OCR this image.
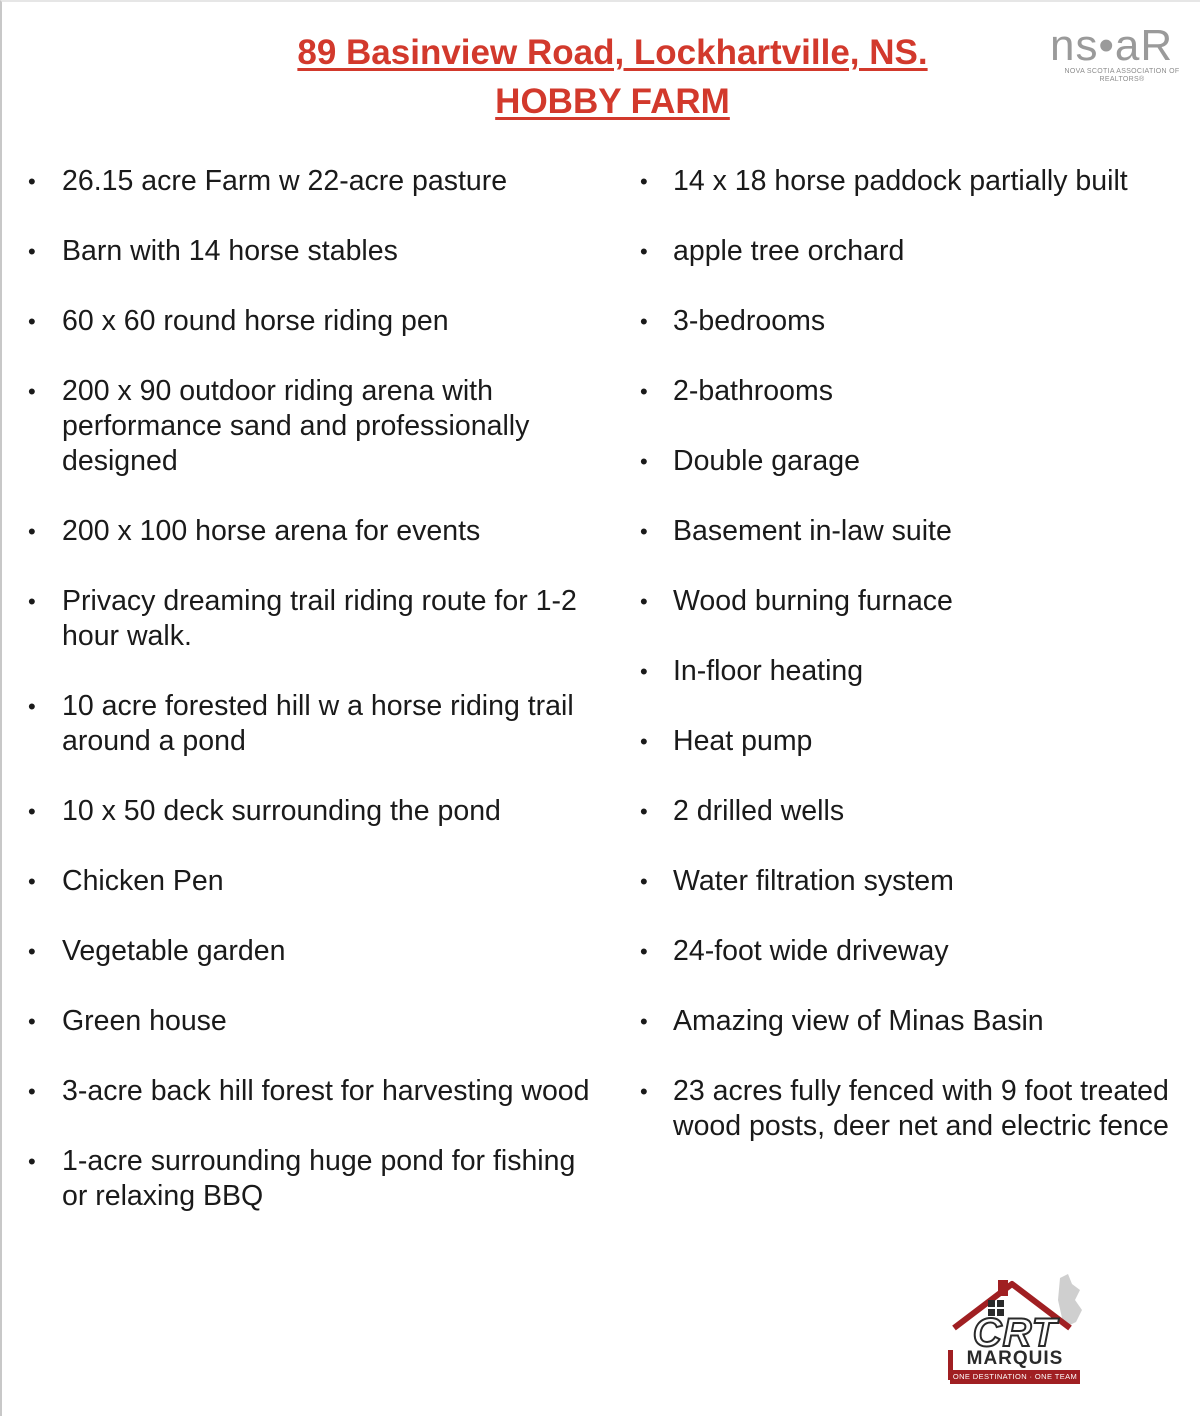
89 Basinview Road, Lockhartville, NS.
HOBBY FARM
ns•aR
NOVA SCOTIA ASSOCIATION OF REALTORS®
• 26.15 acre Farm w 22-acre pasture
• Barn with 14 horse stables
• 60 x 60 round horse riding pen
• 200 x 90 outdoor riding arena with performance sand and professionally designed
• 200 x 100 horse arena for events
• Privacy dreaming trail riding route for 1-2 hour walk.
• 10 acre forested hill w a horse riding trail around a pond
• 10 x 50 deck surrounding the pond
• Chicken Pen
• Vegetable garden
• Green house
• 3-acre back hill forest for harvesting wood
• 1-acre surrounding huge pond for fishing or relaxing BBQ
• 14 x 18 horse paddock partially built
• apple tree orchard
• 3-bedrooms
• 2-bathrooms
• Double garage
• Basement in-law suite
• Wood burning furnace
• In-floor heating
• Heat pump
• 2 drilled wells
• Water filtration system
• 24-foot wide driveway
• Amazing view of Minas Basin
• 23 acres fully fenced with 9 foot treated wood posts, deer net and electric fence
CRT
MARQUIS
ONE DESTINATION · ONE TEAM
